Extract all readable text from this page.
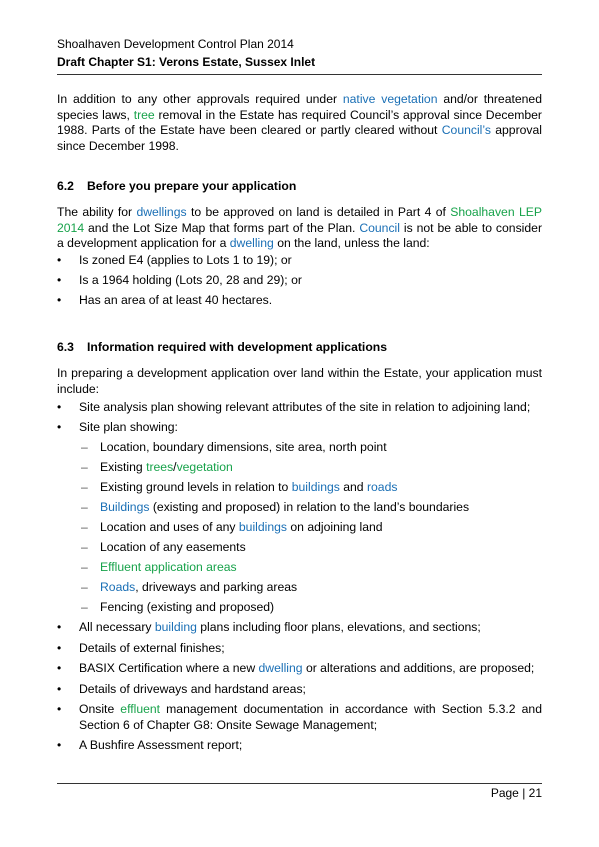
Shoalhaven Development Control Plan 2014
Draft Chapter S1: Verons Estate, Sussex Inlet
In addition to any other approvals required under native vegetation and/or threatened species laws, tree removal in the Estate has required Council’s approval since December 1988. Parts of the Estate have been cleared or partly cleared without Council’s approval since December 1998.
6.2 Before you prepare your application
The ability for dwellings to be approved on land is detailed in Part 4 of Shoalhaven LEP 2014 and the Lot Size Map that forms part of the Plan. Council is not be able to consider a development application for a dwelling on the land, unless the land:
•	Is zoned E4 (applies to Lots 1 to 19); or
•	Is a 1964 holding (Lots 20, 28 and 29); or
•	Has an area of at least 40 hectares.
6.3 Information required with development applications
In preparing a development application over land within the Estate, your application must include:
•	Site analysis plan showing relevant attributes of the site in relation to adjoining land;
•	Site plan showing:
– Location, boundary dimensions, site area, north point
– Existing trees/vegetation
– Existing ground levels in relation to buildings and roads
– Buildings (existing and proposed) in relation to the land’s boundaries
– Location and uses of any buildings on adjoining land
– Location of any easements
– Effluent application areas
– Roads, driveways and parking areas
– Fencing (existing and proposed)
•	All necessary building plans including floor plans, elevations, and sections;
•	Details of external finishes;
•	BASIX Certification where a new dwelling or alterations and additions, are proposed;
•	Details of driveways and hardstand areas;
•	Onsite effluent management documentation in accordance with Section 5.3.2 and Section 6 of Chapter G8: Onsite Sewage Management;
•	A Bushfire Assessment report;
Page | 21
